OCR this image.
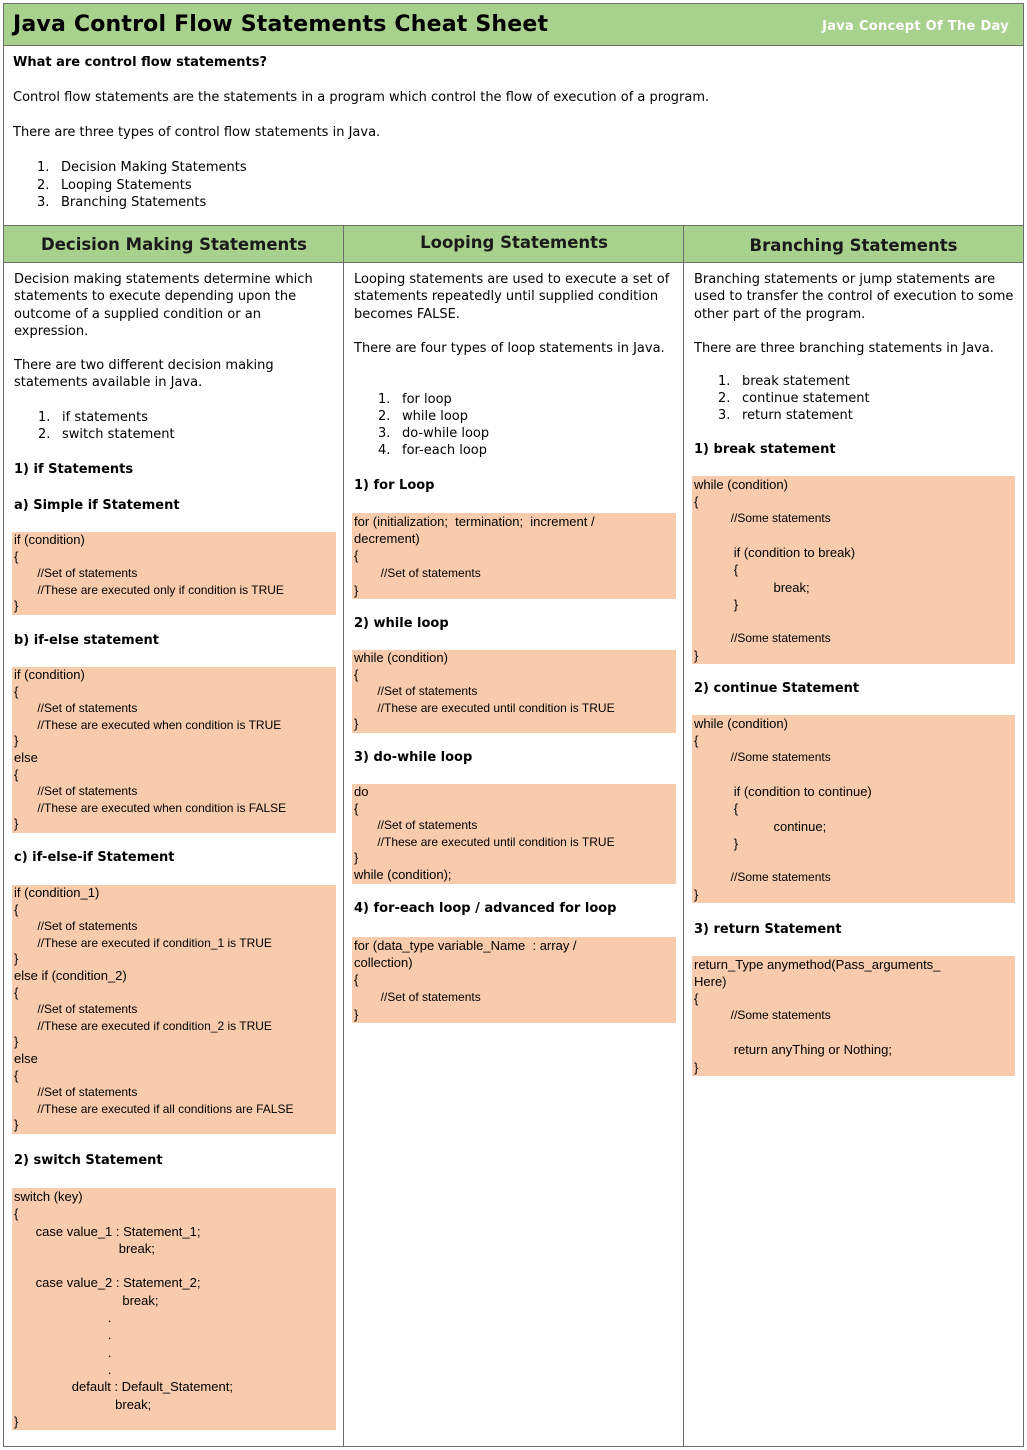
Java Control Flow Statements Cheat Sheet	Java Concept Of The Day
What are control flow statements?
Control flow statements are the statements in a program which control the flow of execution of a program.
There are three types of control flow statements in Java.
1. Decision Making Statements
2. Looping Statements
3. Branching Statements
Decision Making Statements	Looping Statements	Branching Statements
Decision making statements determine which statements to execute depending upon the outcome of a supplied condition or an expression.
There are two different decision making statements available in Java.
1. if statements
2. switch statement
1) if Statements
a) Simple if Statement
if (condition)
{
//Set of statements
//These are executed only if condition is TRUE
}
b) if-else statement
if (condition)
{
//Set of statements
//These are executed when condition is TRUE
}
else
{
//Set of statements
//These are executed when condition is FALSE
}
c) if-else-if Statement
if (condition_1)
{
//Set of statements
//These are executed if condition_1 is TRUE
}
else if (condition_2)
{
//Set of statements
//These are executed if condition_2 is TRUE
}
else
{
//Set of statements
//These are executed if all conditions are FALSE
}
2) switch Statement
switch (key)
{
case value_1 : Statement_1;
break;

case value_2 : Statement_2;
break;
.
.
.
.
default : Default_Statement;
break;
}
Looping statements are used to execute a set of statements repeatedly until supplied condition becomes FALSE.
There are four types of loop statements in Java.
1. for loop
2. while loop
3. do-while loop
4. for-each loop
1) for Loop
for (initialization;  termination;  increment /
decrement)
{
//Set of statements
}
2) while loop
while (condition)
{
//Set of statements
//These are executed until condition is TRUE
}
3) do-while loop
do
{
//Set of statements
//These are executed until condition is TRUE
}
while (condition);
4) for-each loop / advanced for loop
for (data_type variable_Name  : array /
collection)
{
//Set of statements
}
Branching statements or jump statements are used to transfer the control of execution to some other part of the program.
There are three branching statements in Java.
1. break statement
2. continue statement
3. return statement
1) break statement
while (condition)
{
//Some statements

if (condition to break)
{
break;
}

//Some statements
}
2) continue Statement
while (condition)
{
//Some statements

if (condition to continue)
{
continue;
}

//Some statements
}
3) return Statement
return_Type anymethod(Pass_arguments_
Here)
{
//Some statements

return anyThing or Nothing;
}
